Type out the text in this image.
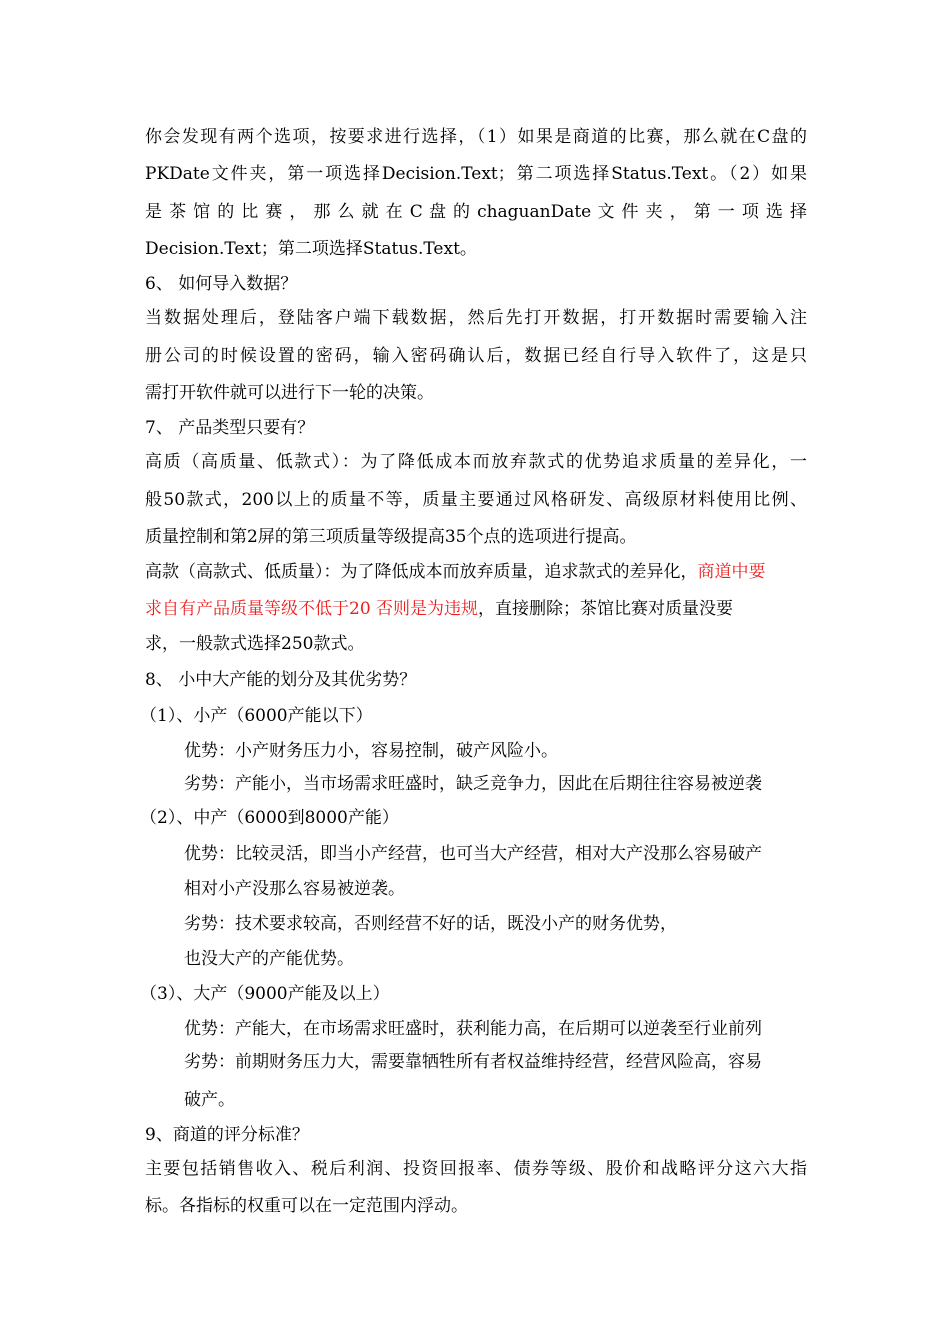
你会发现有两个选项，按要求进行选择，（1）如果是商道的比赛，那么就在C盘的
PKDate文件夹，第一项选择Decision.Text；第二项选择Status.Text。（2）如果
是 茶 馆 的 比 赛 ， 那 么 就 在 C 盘 的 chaguanDate 文 件 夹 ， 第 一 项 选 择
Decision.Text；第二项选择Status.Text。
6、 如何导入数据？
当数据处理后，登陆客户端下载数据，然后先打开数据，打开数据时需要输入注
册公司的时候设置的密码，输入密码确认后，数据已经自行导入软件了，这是只
需打开软件就可以进行下一轮的决策。
7、 产品类型只要有？
高质（高质量、低款式）：为了降低成本而放弃款式的优势追求质量的差异化，一
般50款式，200以上的质量不等，质量主要通过风格研发、高级原材料使用比例、
质量控制和第2屏的第三项质量等级提高35个点的选项进行提高。
高款（高款式、低质量）：为了降低成本而放弃质量，追求款式的差异化，商道中要
求自有产品质量等级不低于20 否则是为违规，直接删除；茶馆比赛对质量没要
求，一般款式选择250款式。
8、 小中大产能的划分及其优劣势？
（1）、小产（6000产能以下）
优势：小产财务压力小，容易控制，破产风险小。
劣势：产能小，当市场需求旺盛时，缺乏竞争力，因此在后期往往容易被逆袭
（2）、中产（6000到8000产能）
优势：比较灵活，即当小产经营，也可当大产经营，相对大产没那么容易破产
相对小产没那么容易被逆袭。
劣势：技术要求较高，否则经营不好的话，既没小产的财务优势，
也没大产的产能优势。
（3）、大产（9000产能及以上）
优势：产能大，在市场需求旺盛时，获利能力高，在后期可以逆袭至行业前列
劣势：前期财务压力大，需要靠牺牲所有者权益维持经营，经营风险高，容易
破产。
9、商道的评分标准？
主要包括销售收入、税后利润、投资回报率、债券等级、股价和战略评分这六大指
标。各指标的权重可以在一定范围内浮动。
